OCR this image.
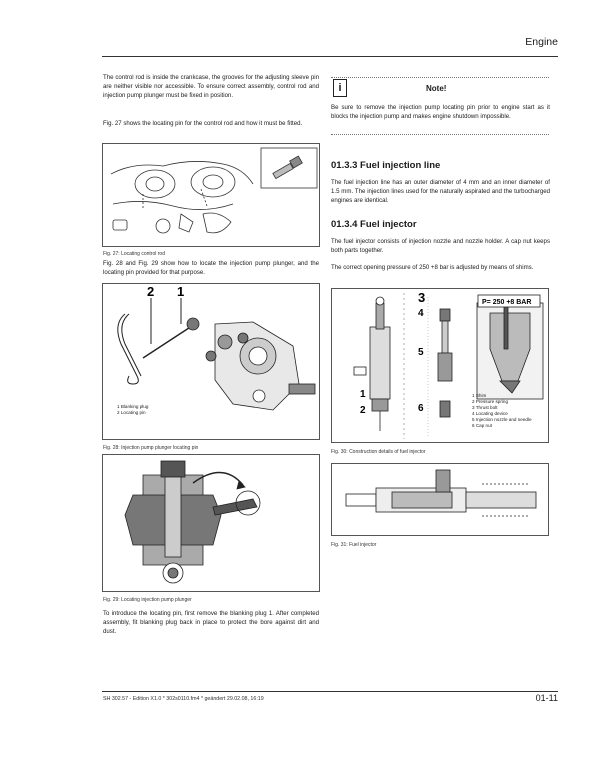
Engine
The control rod is inside the crankcase, the grooves for the adjusting sleeve pin are neither visible nor accessible. To ensure correct assembly, control rod and injection pump plunger must be fixed in position.
Fig. 27 shows the locating pin for the control rod and how it must be fitted.
Fig. 27: Locating control rod
Fig. 28 and Fig. 29 show how to locate the injection pump plunger, and the locating pin provided for that purpose.
2 1
1 Blanking plug
2 Locating pin
Fig. 28: Injection pump plunger locating pin
Fig. 29: Locating injection pump plunger
To introduce the locating pin, first remove the blanking plug 1. After completed assembly, fit blanking plug back in place to protect the bore against dirt and dust.
i	Note!
Be sure to remove the injection pump locating pin prior to engine start as it blocks the injection pump and makes engine shutdown impossible.
01.3.3 Fuel injection line
The fuel injection line has an outer diameter of 4 mm and an inner diameter of 1.5 mm. The injection lines used for the naturally aspirated and the turbocharged engines are identical.
01.3.4 Fuel injector
The fuel injector consists of injection nozzle and nozzle holder. A cap nut keeps both parts together.
The correct opening pressure of 250 +8 bar is adjusted by means of shims.
P= 250 +8 BAR
3
4
5
1
2	6
1 Shim
2 Pressure spring
3 Thrust bolt
4 Locating device
5 Injection nozzle and needle
6 Cap nut
Fig. 30: Construction details of fuel injector
Fig. 31: Fuel injector
SH 302.57 - Edition X1.0 * 302s0110.fm4 * geändert 29.02.08, 16:19	01-11
